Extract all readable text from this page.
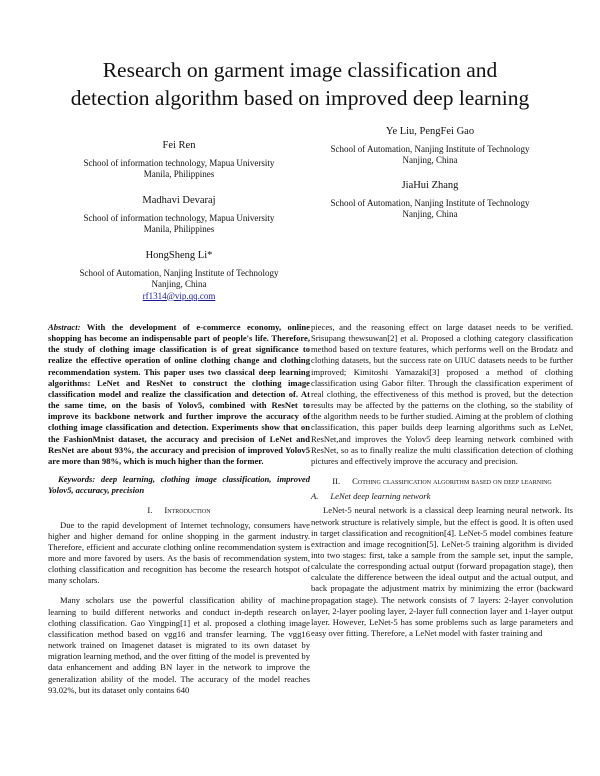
Research on garment image classification and
detection algorithm based on improved deep learning
Fei Ren
School of information technology, Mapua University
Manila, Philippines
Madhavi Devaraj
School of information technology, Mapua University
Manila, Philippines
HongSheng Li*
School of Automation, Nanjing Institute of Technology
Nanjing, China
rf1314@vip.qq.com
Ye Liu, PengFei Gao
School of Automation, Nanjing Institute of Technology
Nanjing, China
JiaHui Zhang
School of Automation, Nanjing Institute of Technology
Nanjing, China

Abstract: With the development of e-commerce economy, online shopping has become an indispensable part of people's life. Therefore, the study of clothing image classification is of great significance to realize the effective operation of online clothing change and clothing recommendation system. This paper uses two classical deep learning algorithms: LeNet and ResNet to construct the clothing image classification model and realize the classification and detection of. At the same time, on the basis of Yolov5, combined with ResNet to improve its backbone network and further improve the accuracy of clothing image classification and detection. Experiments show that on the FashionMnist dataset, the accuracy and precision of LeNet and ResNet are about 93%, the accuracy and precision of improved Yolov5 are more than 98%, which is much higher than the former.

Keywords: deep learning, clothing image classification, improved Yolov5, accuracy, precision

I. Introduction

Due to the rapid development of Internet technology, consumers have higher and higher demand for online shopping in the garment industry. Therefore, efficient and accurate clothing online recommendation system is more and more favored by users. As the basis of recommendation system, clothing classification and recognition has become the research hotspot of many scholars.

Many scholars use the powerful classification ability of machine learning to build different networks and conduct in-depth research on clothing classification. Gao Yingping[1] et al. proposed a clothing image classification method based on vgg16 and transfer learning. The vgg16 network trained on Imagenet dataset is migrated to its own dataset by migration learning method, and the over fitting of the model is prevented by data enhancement and adding BN layer in the network to improve the generalization ability of the model. The accuracy of the model reaches 93.02%, but its dataset only contains 640

pieces, and the reasoning effect on large dataset needs to be verified. Srisupang thewsuwan[2] et al. Proposed a clothing category classification method based on texture features, which performs well on the Brodatz and clothing datasets, but the success rate on UIUC datasets needs to be further improved; Kimitoshi Yamazaki[3] proposed a method of clothing classification using Gabor filter. Through the classification experiment of real clothing, the effectiveness of this method is proved, but the detection results may be affected by the patterns on the clothing, so the stability of the algorithm needs to be further studied. Aiming at the problem of clothing classification, this paper builds deep learning algorithms such as LeNet, ResNet,and improves the Yolov5 deep learning network combined with ResNet, so as to finally realize the multi classification detection of clothing pictures and effectively improve the accuracy and precision.

II. Cothing classification algorithm based on deep learning
A. LeNet deep learning network

LeNet-5 neural network is a classical deep learning neural network. Its network structure is relatively simple, but the effect is good. It is often used in target classification and recognition[4]. LeNet-5 model combines feature extraction and image recognition[5]. LeNet-5 training algorithm is divided into two stages: first, take a sample from the sample set, input the sample, calculate the corresponding actual output (forward propagation stage), then calculate the difference between the ideal output and the actual output, and back propagate the adjustment matrix by minimizing the error (backward propagation stage). The network consists of 7 layers: 2-layer convolution layer, 2-layer pooling layer, 2-layer full connection layer and 1-layer output layer. However, LeNet-5 has some problems such as large parameters and easy over fitting. Therefore, a LeNet model with faster training and
